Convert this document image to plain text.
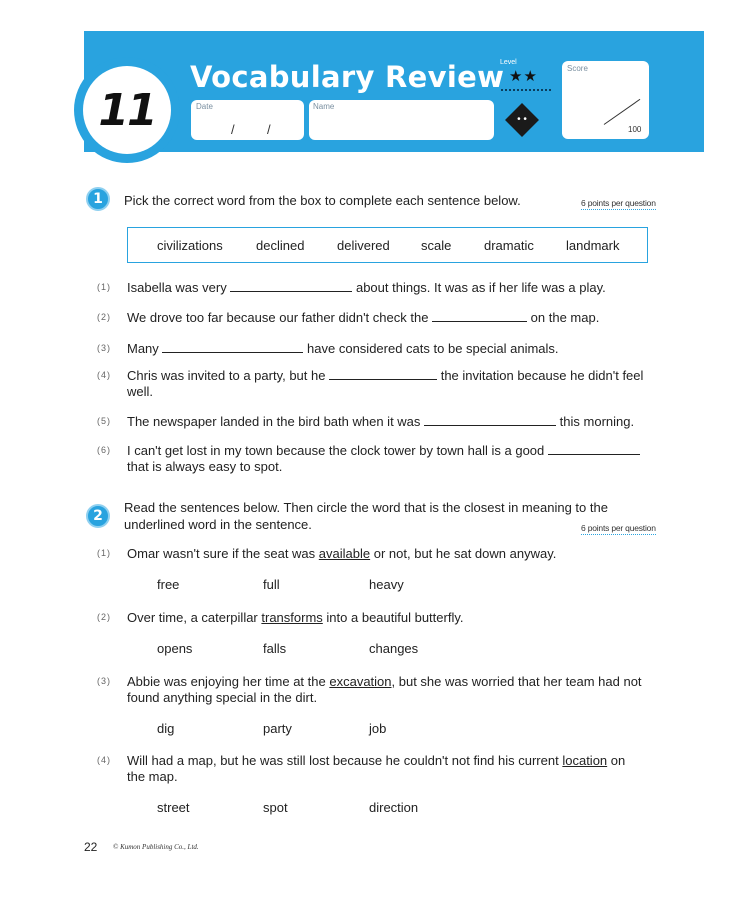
11
Vocabulary Review
Date
/ /
Name
Level
★★
• •
Score
100
1	Pick the correct word from the box to complete each sentence below.	6 points per question
civilizations	declined	delivered scale	dramatic landmark
(1) Isabella was very	about things. It was as if her life was a play.
(2) We drove too far because our father didn't check the	on the map.
(3) Many	have considered cats to be special animals.
(4) Chris was invited to a party, but he	the invitation because he didn't feel
well.
(5) The newspaper landed in the bird bath when it was	this morning.
(6) I can't get lost in my town because the clock tower by town hall is a good
that is always easy to spot.
2
Read the sentences below. Then circle the word that is the closest in meaning to the
underlined word in the sentence.	6 points per question
(1) Omar wasn't sure if the seat was available or not, but he sat down anyway.
free	full	heavy
(2) Over time, a caterpillar transforms into a beautiful butterfly.
opens	falls	changes
(3) Abbie was enjoying her time at the excavation, but she was worried that her team had not
found anything special in the dirt.
dig	party	job
(4) Will had a map, but he was still lost because he couldn't not find his current location on
the map.
street	spot	direction
22 © Kumon Publishing Co., Ltd.
